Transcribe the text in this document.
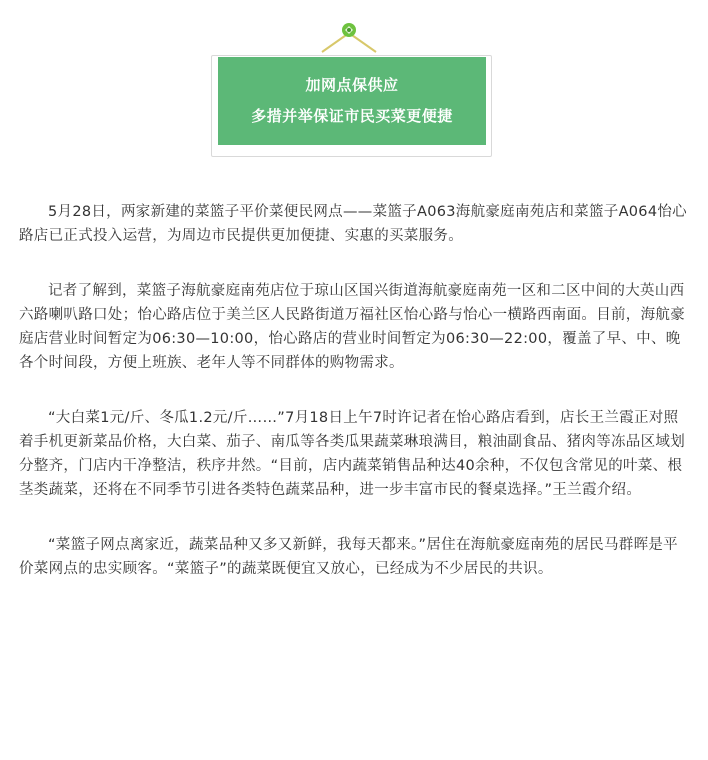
加网点保供应
多措并举保证市民买菜更便捷

5月28日，两家新建的菜篮子平价菜便民网点——菜篮子A063海航豪庭南苑店和菜篮子A064怡心路店已正式投入运营，为周边市民提供更加便捷、实惠的买菜服务。

记者了解到，菜篮子海航豪庭南苑店位于琼山区国兴街道海航豪庭南苑一区和二区中间的大英山西六路喇叭路口处；怡心路店位于美兰区人民路街道万福社区怡心路与怡心一横路西南面。目前，海航豪庭店营业时间暂定为06:30—10:00，怡心路店的营业时间暂定为06:30—22:00，覆盖了早、中、晚各个时间段，方便上班族、老年人等不同群体的购物需求。

“大白菜1元/斤、冬瓜1.2元/斤……”7月18日上午7时许记者在怡心路店看到，店长王兰霞正对照着手机更新菜品价格，大白菜、茄子、南瓜等各类瓜果蔬菜琳琅满目，粮油副食品、猪肉等冻品区域划分整齐，门店内干净整洁，秩序井然。“目前，店内蔬菜销售品种达40余种，不仅包含常见的叶菜、根茎类蔬菜，还将在不同季节引进各类特色蔬菜品种，进一步丰富市民的餐桌选择。”王兰霞介绍。

“菜篮子网点离家近，蔬菜品种又多又新鲜，我每天都来。”居住在海航豪庭南苑的居民马群晖是平价菜网点的忠实顾客。“菜篮子”的蔬菜既便宜又放心，已经成为不少居民的共识。
